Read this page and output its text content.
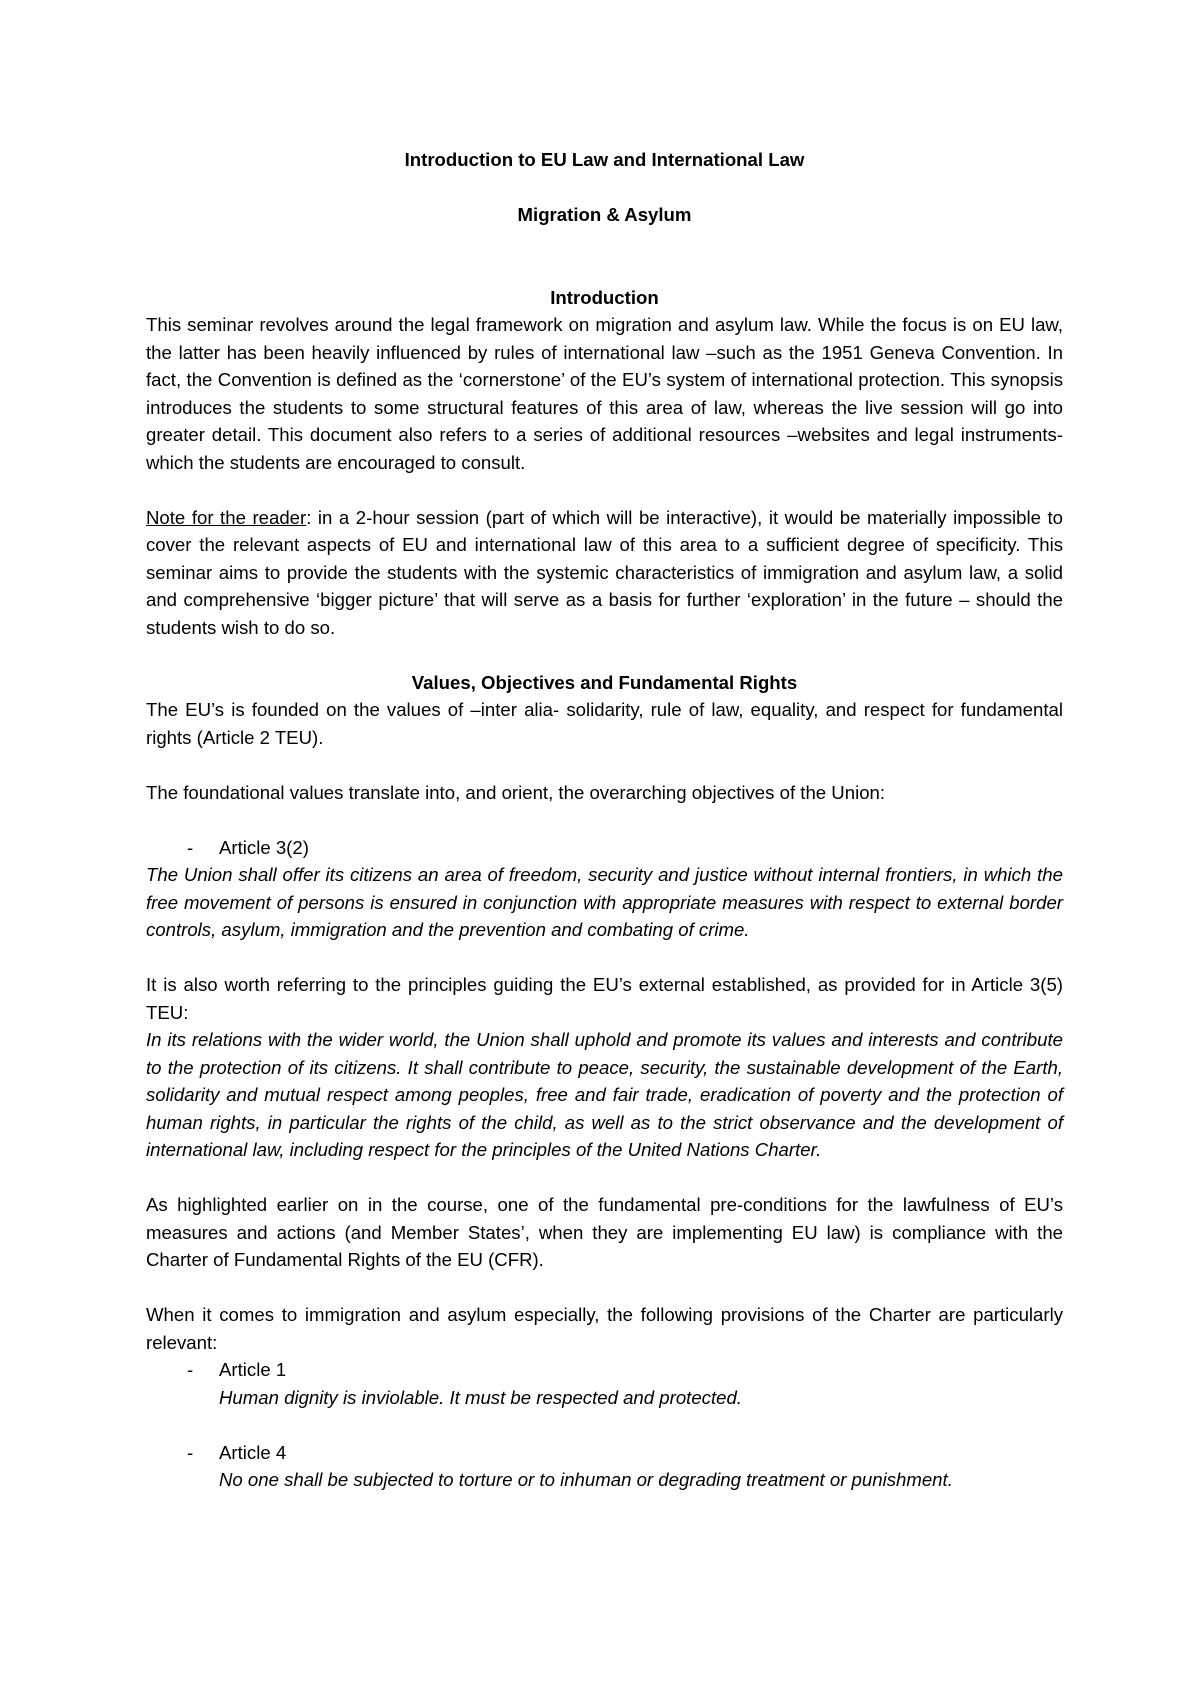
Introduction to EU Law and International Law
Migration & Asylum
Introduction

This seminar revolves around the legal framework on migration and asylum law. While the focus is on EU law, the latter has been heavily influenced by rules of international law –such as the 1951 Geneva Convention. In fact, the Convention is defined as the ‘cornerstone’ of the EU’s system of international protection. This synopsis introduces the students to some structural features of this area of law, whereas the live session will go into greater detail. This document also refers to a series of additional resources –websites and legal instruments- which the students are encouraged to consult.

Note for the reader: in a 2-hour session (part of which will be interactive), it would be materially impossible to cover the relevant aspects of EU and international law of this area to a sufficient degree of specificity. This seminar aims to provide the students with the systemic characteristics of immigration and asylum law, a solid and comprehensive ‘bigger picture’ that will serve as a basis for further ‘exploration’ in the future – should the students wish to do so.

Values, Objectives and Fundamental Rights

The EU’s is founded on the values of –inter alia- solidarity, rule of law, equality, and respect for fundamental rights (Article 2 TEU).

The foundational values translate into, and orient, the overarching objectives of the Union:

-	Article 3(2)

The Union shall offer its citizens an area of freedom, security and justice without internal frontiers, in which the free movement of persons is ensured in conjunction with appropriate measures with respect to external border controls, asylum, immigration and the prevention and combating of crime.

It is also worth referring to the principles guiding the EU’s external established, as provided for in Article 3(5) TEU:

In its relations with the wider world, the Union shall uphold and promote its values and interests and contribute to the protection of its citizens. It shall contribute to peace, security, the sustainable development of the Earth, solidarity and mutual respect among peoples, free and fair trade, eradication of poverty and the protection of human rights, in particular the rights of the child, as well as to the strict observance and the development of international law, including respect for the principles of the United Nations Charter.

As highlighted earlier on in the course, one of the fundamental pre-conditions for the lawfulness of EU’s measures and actions (and Member States’, when they are implementing EU law) is compliance with the Charter of Fundamental Rights of the EU (CFR).

When it comes to immigration and asylum especially, the following provisions of the Charter are particularly relevant:

-	Article 1

Human dignity is inviolable. It must be respected and protected.

-	Article 4

No one shall be subjected to torture or to inhuman or degrading treatment or punishment.
